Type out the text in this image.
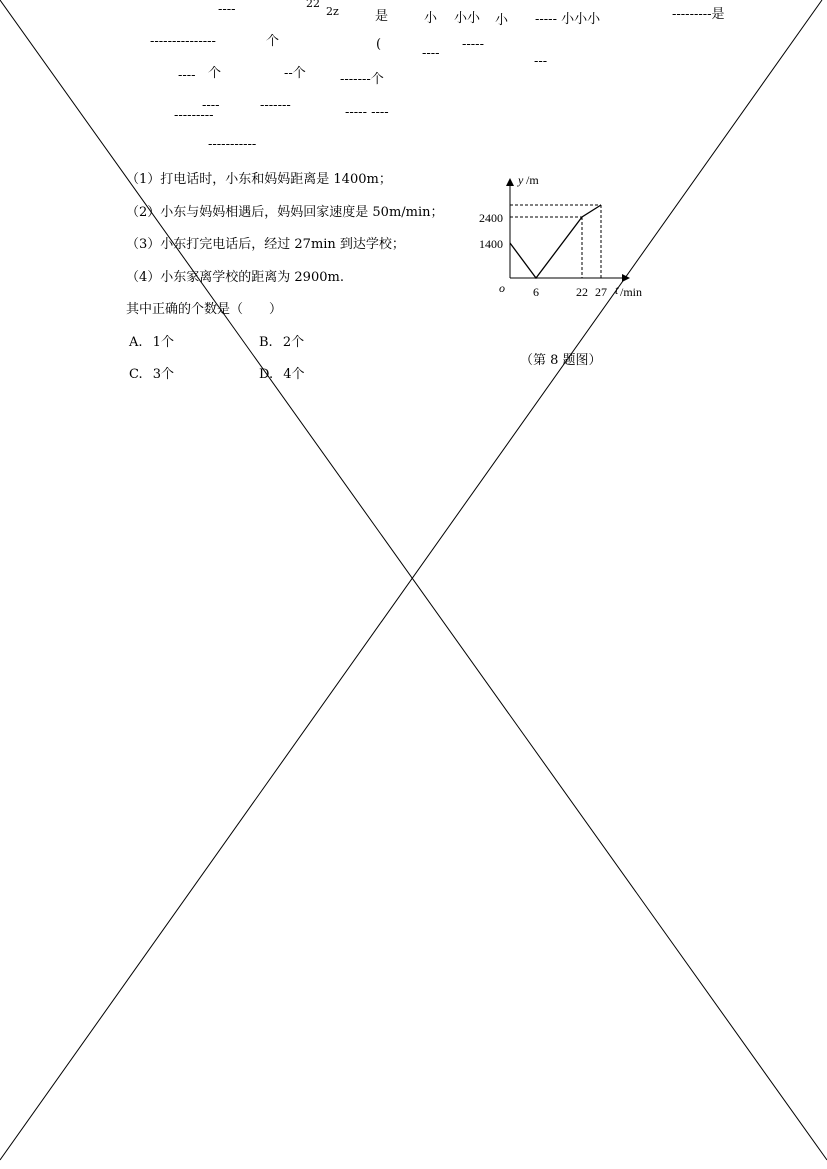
----	22
2z	是	小 小小 小 ----- 小小小	---------是
---------------	个	(
----
-----
---
---- 个	--个	-------个
----	-------
---------	----- ----
-----------
（1）打电话时，小东和妈妈距离是 1400m；
（2）小东与妈妈相遇后，妈妈回家速度是 50m/min；
（3）小东打完电话后，经过 27min 到达学校；
（4）小东家离学校的距离为 2900m.
其中正确的个数是（　　）
A. 1个	B. 2个
C. 3个	D. 4个
y /m
2400
1400
o 6	22 27 t /min
（第 8 题图）
